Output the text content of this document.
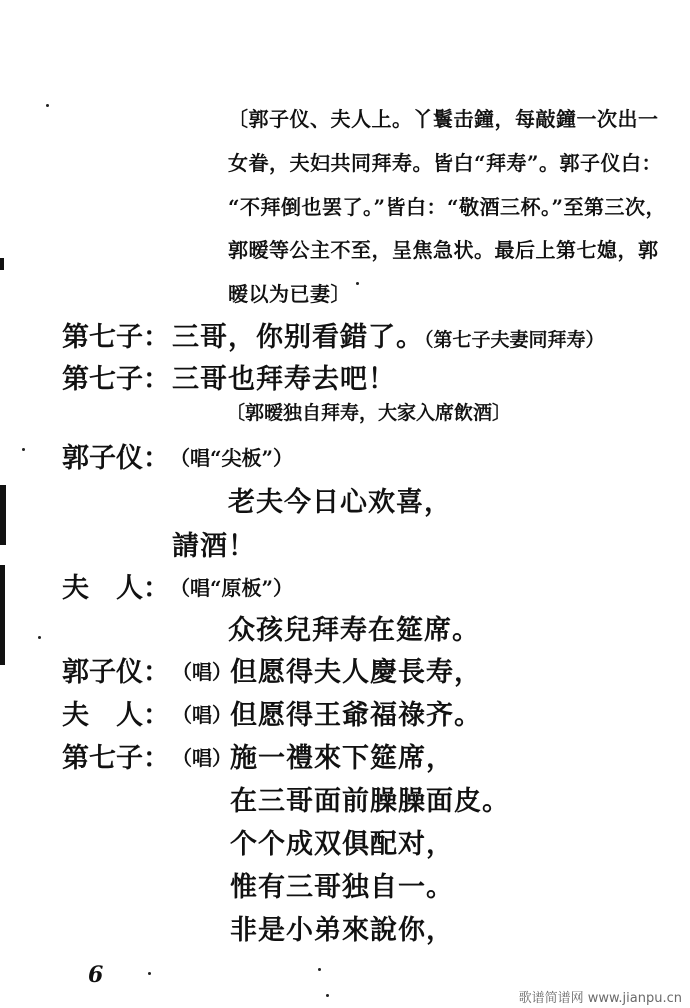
〔郭子仪、夫人上。丫鬟击鐘，每敲鐘一次出一
女眷，夫妇共同拜寿。皆白“拜寿”。郭子仪白：
“不拜倒也罢了。”皆白：“敬酒三杯。”至第三次，
郭暧等公主不至，呈焦急状。最后上第七媳，郭
暧以为已妻〕
第七子： 三哥，你别看錯了。（第七子夫妻同拜寿）
第七子： 三哥也拜寿去吧！
〔郭暧独自拜寿，大家入席飲酒〕
郭子仪： （唱“尖板”）
老夫今日心欢喜，
請酒！
夫　人： （唱“原板”）
众孩兒拜寿在筵席。
郭子仪： （唱）
但愿得夫人慶長寿，
夫　人： （唱）
但愿得王爺福祿齐。
第七子： （唱）
施一禮來下筵席，
在三哥面前臊臊面皮。
个个成双俱配对，
惟有三哥独自一。
非是小弟來說你，
6
歌谱简谱网 www.jianpu.cn
